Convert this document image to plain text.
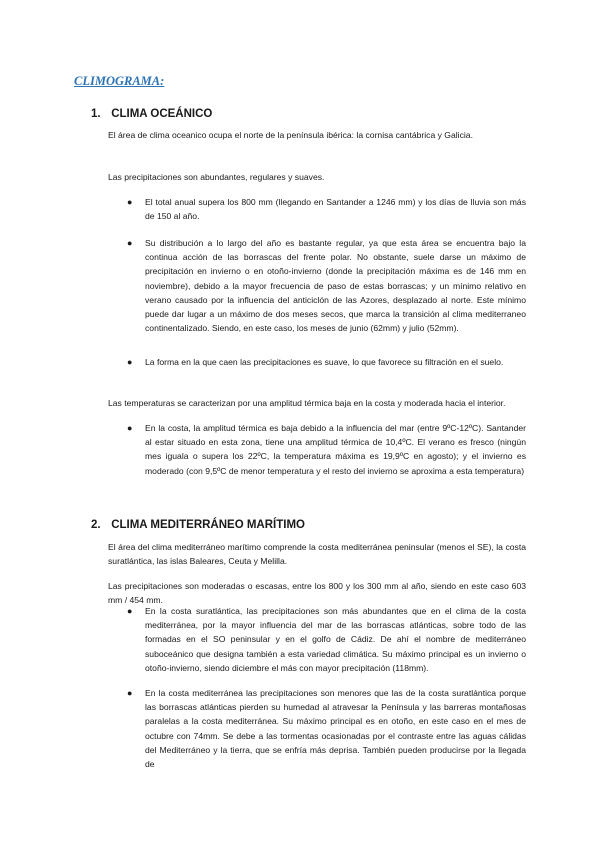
CLIMOGRAMA:
1. CLIMA OCEÁNICO

El área de clima oceanico ocupa el norte de la península ibérica: la cornisa cantábrica y Galicia.

Las precipitaciones son abundantes, regulares y suaves.

● El total anual supera los 800 mm (llegando en Santander a 1246 mm) y los días de lluvia son más de 150 al año.
● Su distribución a lo largo del año es bastante regular, ya que esta área se encuentra bajo la continua acción de las borrascas del frente polar. No obstante, suele darse un máximo de precipitación en invierno o en otoño-invierno (donde la precipitación máxima es de 146 mm en noviembre), debido a la mayor frecuencia de paso de estas borrascas; y un mínimo relativo en verano causado por la influencia del anticiclón de las Azores, desplazado al norte. Este mínimo puede dar lugar a un máximo de dos meses secos, que marca la transición al clima mediterraneo continentalizado. Siendo, en este caso, los meses de junio (62mm) y julio (52mm).
● La forma en la que caen las precipitaciones es suave, lo que favorece su filtración en el suelo.

Las temperaturas se caracterizan por una amplitud térmica baja en la costa y moderada hacia el interior.

● En la costa, la amplitud térmica es baja debido a la influencia del mar (entre 9ºC-12ºC). Santander al estar situado en esta zona, tiene una amplitud térmica de 10,4ºC. El verano es fresco (ningún mes iguala o supera los 22ºC, la temperatura máxima es 19,9ºC en agosto); y el invierno es moderado (con 9,5ºC de menor temperatura y el resto del invierno se aproxima a esta temperatura)
2. CLIMA MEDITERRÁNEO MARÍTIMO

El área del clima mediterráneo marítimo comprende la costa mediterránea peninsular (menos el SE), la costa suratlántica, las islas Baleares, Ceuta y Melilla.

Las precipitaciones son moderadas o escasas, entre los 800 y los 300 mm al año, siendo en este caso 603 mm / 454 mm.

● En la costa suratlántica, las precipitaciones son más abundantes que en el clima de la costa mediterránea, por la mayor influencia del mar de las borrascas atlánticas, sobre todo de las formadas en el SO peninsular y en el golfo de Cádiz. De ahí el nombre de mediterráneo suboceánico que designa también a esta variedad climática. Su máximo principal es un invierno o otoño-invierno, siendo diciembre el más con mayor precipitación (118mm).
● En la costa mediterránea las precipitaciones son menores que las de la costa suratlántica porque las borrascas atlánticas pierden su humedad al atravesar la Península y las barreras montañosas paralelas a la costa mediterránea. Su máximo principal es en otoño, en este caso en el mes de octubre con 74mm. Se debe a las tormentas ocasionadas por el contraste entre las aguas cálidas del Mediterráneo y la tierra, que se enfría más deprisa. También pueden producirse por la llegada de
